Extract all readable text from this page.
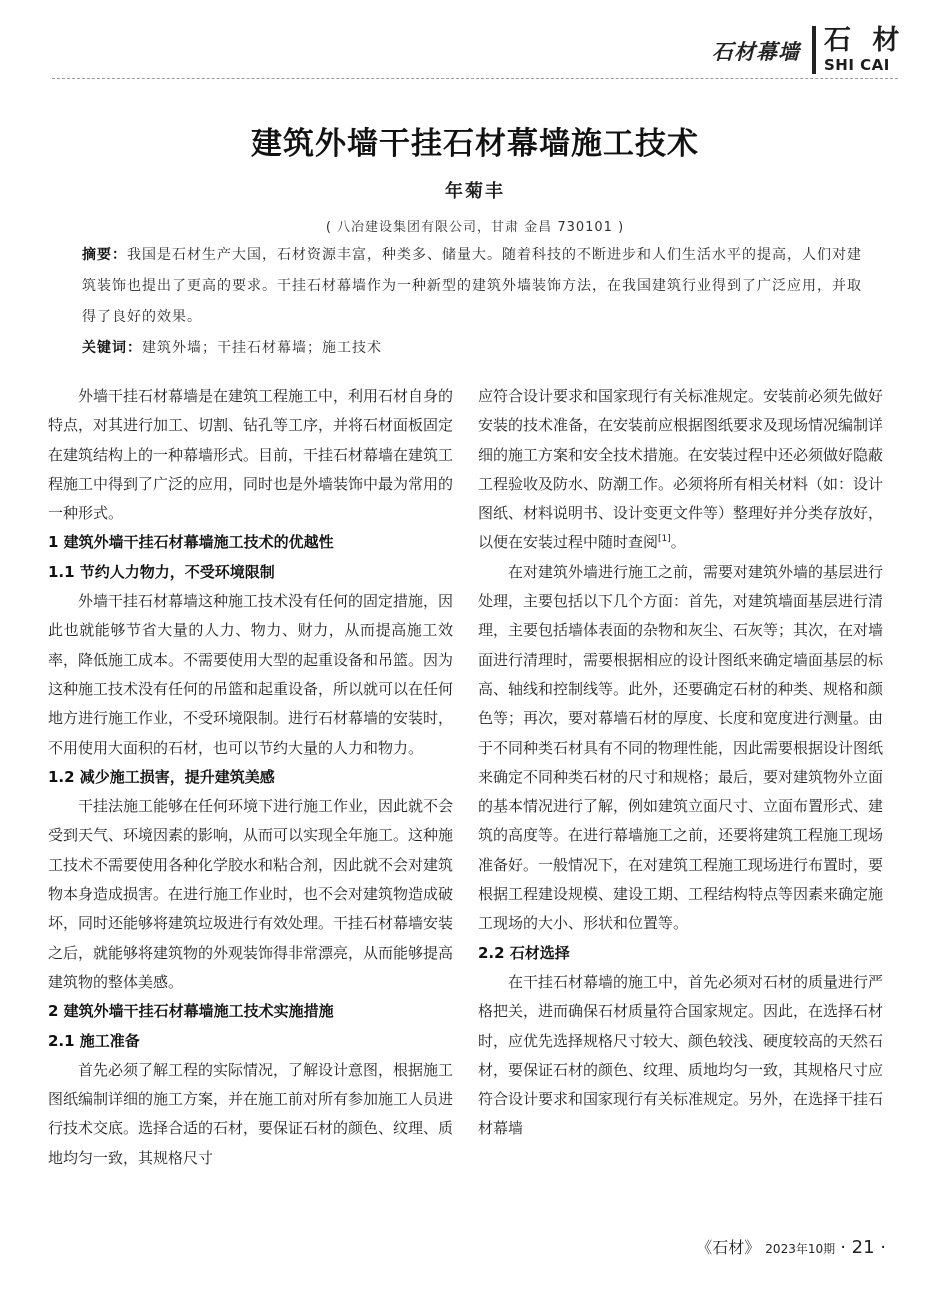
石材幕墙 石 材
SHI CAI
建筑外墙干挂石材幕墙施工技术
年菊丰
( 八冶建设集团有限公司，甘肃 金昌 730101 )
摘要：我国是石材生产大国，石材资源丰富，种类多、储量大。随着科技的不断进步和人们生活水平的提高，人们对建筑装饰也提出了更高的要求。干挂石材幕墙作为一种新型的建筑外墙装饰方法，在我国建筑行业得到了广泛应用，并取得了良好的效果。
关键词：建筑外墙；干挂石材幕墙；施工技术

外墙干挂石材幕墙是在建筑工程施工中，利用石材自身的特点，对其进行加工、切割、钻孔等工序，并将石材面板固定在建筑结构上的一种幕墙形式。目前，干挂石材幕墙在建筑工程施工中得到了广泛的应用，同时也是外墙装饰中最为常用的一种形式。

1 建筑外墙干挂石材幕墙施工技术的优越性
1.1 节约人力物力，不受环境限制

外墙干挂石材幕墙这种施工技术没有任何的固定措施，因此也就能够节省大量的人力、物力、财力，从而提高施工效率，降低施工成本。不需要使用大型的起重设备和吊篮。因为这种施工技术没有任何的吊篮和起重设备，所以就可以在任何地方进行施工作业，不受环境限制。进行石材幕墙的安装时，不用使用大面积的石材，也可以节约大量的人力和物力。

1.2 减少施工损害，提升建筑美感

干挂法施工能够在任何环境下进行施工作业，因此就不会受到天气、环境因素的影响，从而可以实现全年施工。这种施工技术不需要使用各种化学胶水和粘合剂，因此就不会对建筑物本身造成损害。在进行施工作业时，也不会对建筑物造成破坏，同时还能够将建筑垃圾进行有效处理。干挂石材幕墙安装之后，就能够将建筑物的外观装饰得非常漂亮，从而能够提高建筑物的整体美感。

2 建筑外墙干挂石材幕墙施工技术实施措施
2.1 施工准备

首先必须了解工程的实际情况，了解设计意图，根据施工图纸编制详细的施工方案，并在施工前对所有参加施工人员进行技术交底。选择合适的石材，要保证石材的颜色、纹理、质地均匀一致，其规格尺寸

应符合设计要求和国家现行有关标准规定。安装前必须先做好安装的技术准备，在安装前应根据图纸要求及现场情况编制详细的施工方案和安全技术措施。在安装过程中还必须做好隐蔽工程验收及防水、防潮工作。必须将所有相关材料（如：设计图纸、材料说明书、设计变更文件等）整理好并分类存放好，以便在安装过程中随时查阅[1]。

在对建筑外墙进行施工之前，需要对建筑外墙的基层进行处理，主要包括以下几个方面：首先，对建筑墙面基层进行清理，主要包括墙体表面的杂物和灰尘、石灰等；其次，在对墙面进行清理时，需要根据相应的设计图纸来确定墙面基层的标高、轴线和控制线等。此外，还要确定石材的种类、规格和颜色等；再次，要对幕墙石材的厚度、长度和宽度进行测量。由于不同种类石材具有不同的物理性能，因此需要根据设计图纸来确定不同种类石材的尺寸和规格；最后，要对建筑物外立面的基本情况进行了解，例如建筑立面尺寸、立面布置形式、建筑的高度等。在进行幕墙施工之前，还要将建筑工程施工现场准备好。一般情况下，在对建筑工程施工现场进行布置时，要根据工程建设规模、建设工期、工程结构特点等因素来确定施工现场的大小、形状和位置等。

2.2 石材选择

在干挂石材幕墙的施工中，首先必须对石材的质量进行严格把关，进而确保石材质量符合国家规定。因此，在选择石材时，应优先选择规格尺寸较大、颜色较浅、硬度较高的天然石材，要保证石材的颜色、纹理、质地均匀一致，其规格尺寸应符合设计要求和国家现行有关标准规定。另外，在选择干挂石材幕墙

《石材》 2023年10期 · 21 ·
